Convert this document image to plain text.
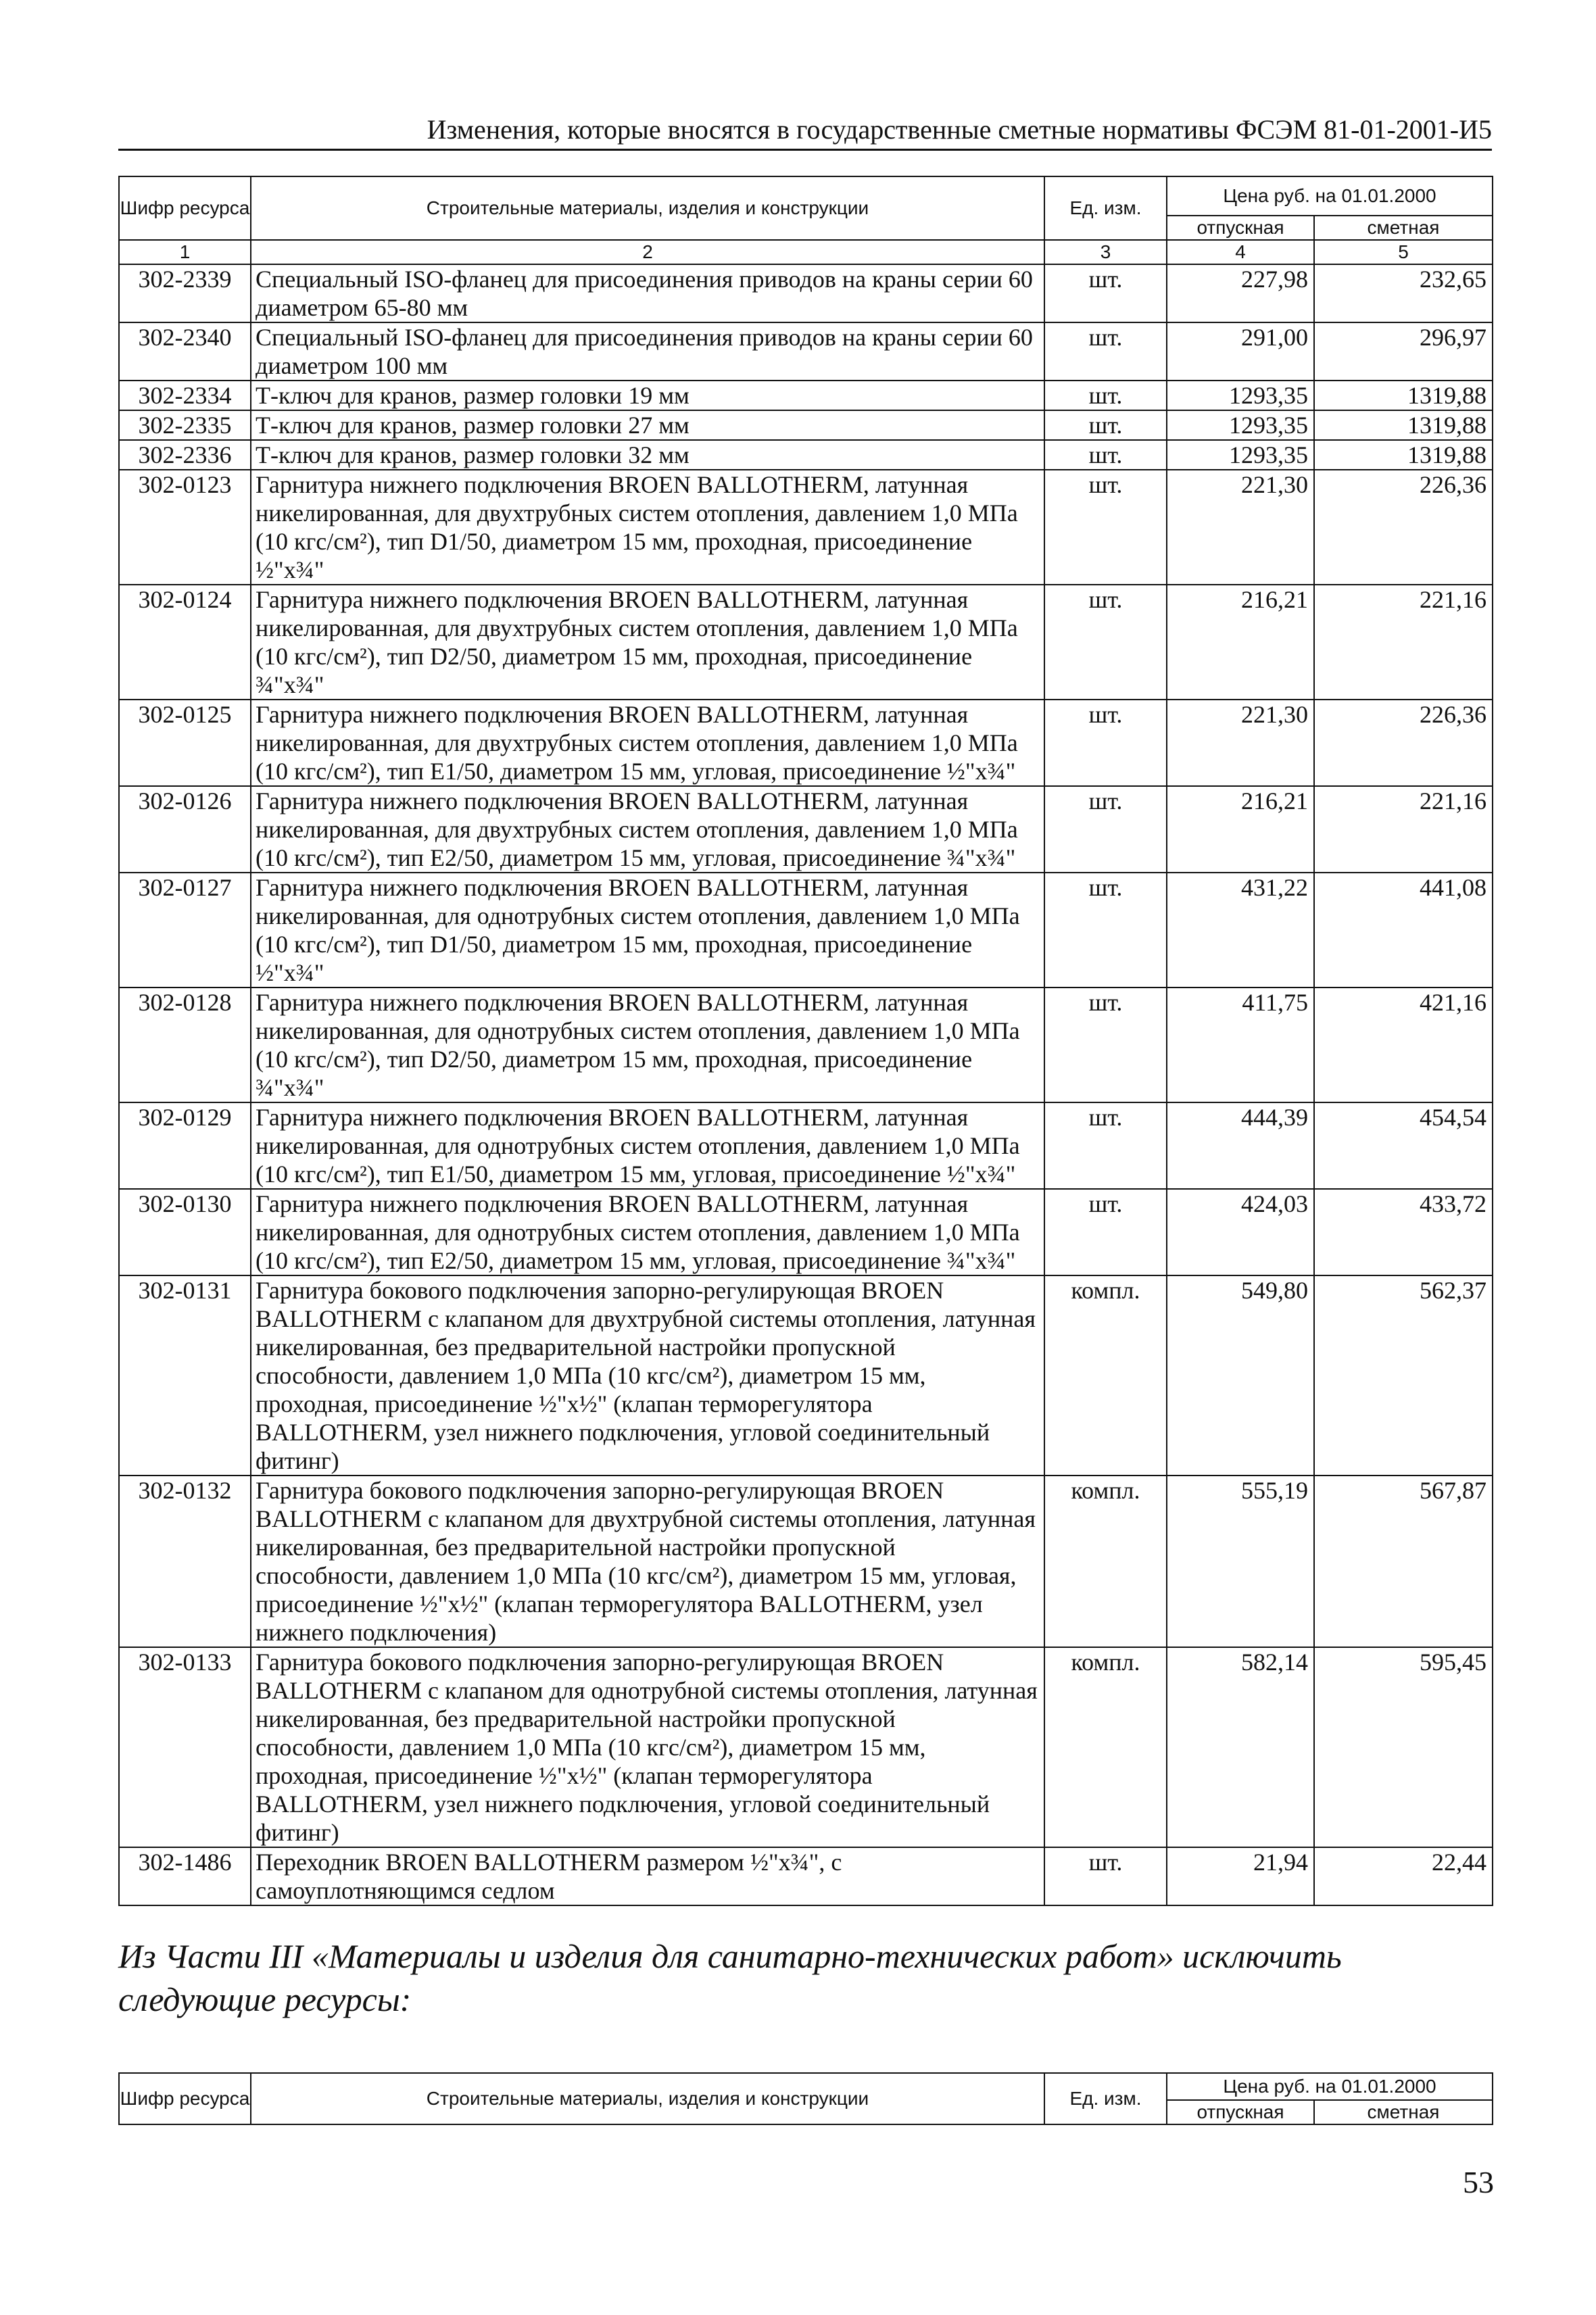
Изменения, которые вносятся в государственные сметные нормативы ФСЭМ 81-01-2001-И5
Шифр ресурса	Строительные материалы, изделия и конструкции	Ед. изм.	Цена руб. на 01.01.2000	
			отпускная	сметная
1	2	3	4	5
302-2339	Специальный ISO-фланец для присоединения приводов на краны серии 60 диаметром 65-80 мм	шт.	227,98	232,65
302-2340	Специальный ISO-фланец для присоединения приводов на краны серии 60 диаметром 100 мм	шт.	291,00	296,97
302-2334	Т-ключ для кранов, размер головки 19 мм	шт.	1293,35	1319,88
302-2335	Т-ключ для кранов, размер головки 27 мм	шт.	1293,35	1319,88
302-2336	Т-ключ для кранов, размер головки 32 мм	шт.	1293,35	1319,88
302-0123	Гарнитура нижнего подключения BROEN BALLOTHERM, латунная никелированная, для двухтрубных систем отопления, давлением 1,0 МПа (10 кгс/см²), тип D1/50, диаметром 15 мм, проходная, присоединение ½"x¾"	шт.	221,30	226,36
302-0124	Гарнитура нижнего подключения BROEN BALLOTHERM, латунная никелированная, для двухтрубных систем отопления, давлением 1,0 МПа (10 кгс/см²), тип D2/50, диаметром 15 мм, проходная, присоединение ¾"x¾"	шт.	216,21	221,16
302-0125	Гарнитура нижнего подключения BROEN BALLOTHERM, латунная никелированная, для двухтрубных систем отопления, давлением 1,0 МПа (10 кгс/см²), тип E1/50, диаметром 15 мм, угловая, присоединение ½"x¾"	шт.	221,30	226,36
302-0126	Гарнитура нижнего подключения BROEN BALLOTHERM, латунная никелированная, для двухтрубных систем отопления, давлением 1,0 МПа (10 кгс/см²), тип E2/50, диаметром 15 мм, угловая, присоединение ¾"x¾"	шт.	216,21	221,16
302-0127	Гарнитура нижнего подключения BROEN BALLOTHERM, латунная никелированная, для однотрубных систем отопления, давлением 1,0 МПа (10 кгс/см²), тип D1/50, диаметром 15 мм, проходная, присоединение ½"x¾"	шт.	431,22	441,08
302-0128	Гарнитура нижнего подключения BROEN BALLOTHERM, латунная никелированная, для однотрубных систем отопления, давлением 1,0 МПа (10 кгс/см²), тип D2/50, диаметром 15 мм, проходная, присоединение ¾"x¾"	шт.	411,75	421,16
302-0129	Гарнитура нижнего подключения BROEN BALLOTHERM, латунная никелированная, для однотрубных систем отопления, давлением 1,0 МПа (10 кгс/см²), тип E1/50, диаметром 15 мм, угловая, присоединение ½"x¾"	шт.	444,39	454,54
302-0130	Гарнитура нижнего подключения BROEN BALLOTHERM, латунная никелированная, для однотрубных систем отопления, давлением 1,0 МПа (10 кгс/см²), тип E2/50, диаметром 15 мм, угловая, присоединение ¾"x¾"	шт.	424,03	433,72
302-0131	Гарнитура бокового подключения запорно-регулирующая BROEN BALLOTHERM с клапаном для двухтрубной системы отопления, латунная никелированная, без предварительной настройки пропускной способности, давлением 1,0 МПа (10 кгс/см²), диаметром 15 мм, проходная, присоединение ½"x½" (клапан терморегулятора BALLOTHERM, узел нижнего подключения, угловой соединительный фитинг)	компл.	549,80	562,37
302-0132	Гарнитура бокового подключения запорно-регулирующая BROEN BALLOTHERM с клапаном для двухтрубной системы отопления, латунная никелированная, без предварительной настройки пропускной способности, давлением 1,0 МПа (10 кгс/см²), диаметром 15 мм, угловая, присоединение ½"x½" (клапан терморегулятора BALLOTHERM, узел нижнего подключения)	компл.	555,19	567,87
302-0133	Гарнитура бокового подключения запорно-регулирующая BROEN BALLOTHERM с клапаном для однотрубной системы отопления, латунная никелированная, без предварительной настройки пропускной способности, давлением 1,0 МПа (10 кгс/см²), диаметром 15 мм, проходная, присоединение ½"x½" (клапан терморегулятора BALLOTHERM, узел нижнего подключения, угловой соединительный фитинг)	компл.	582,14	595,45
302-1486	Переходник BROEN BALLOTHERM размером ½"x¾", с самоуплотняющимся седлом	шт.	21,94	22,44
Из Части III «Материалы и изделия для санитарно-технических работ» исключить следующие ресурсы:
Шифр ресурса	Строительные материалы, изделия и конструкции	Ед. изм.	Цена руб. на 01.01.2000	
			отпускная	сметная
53
